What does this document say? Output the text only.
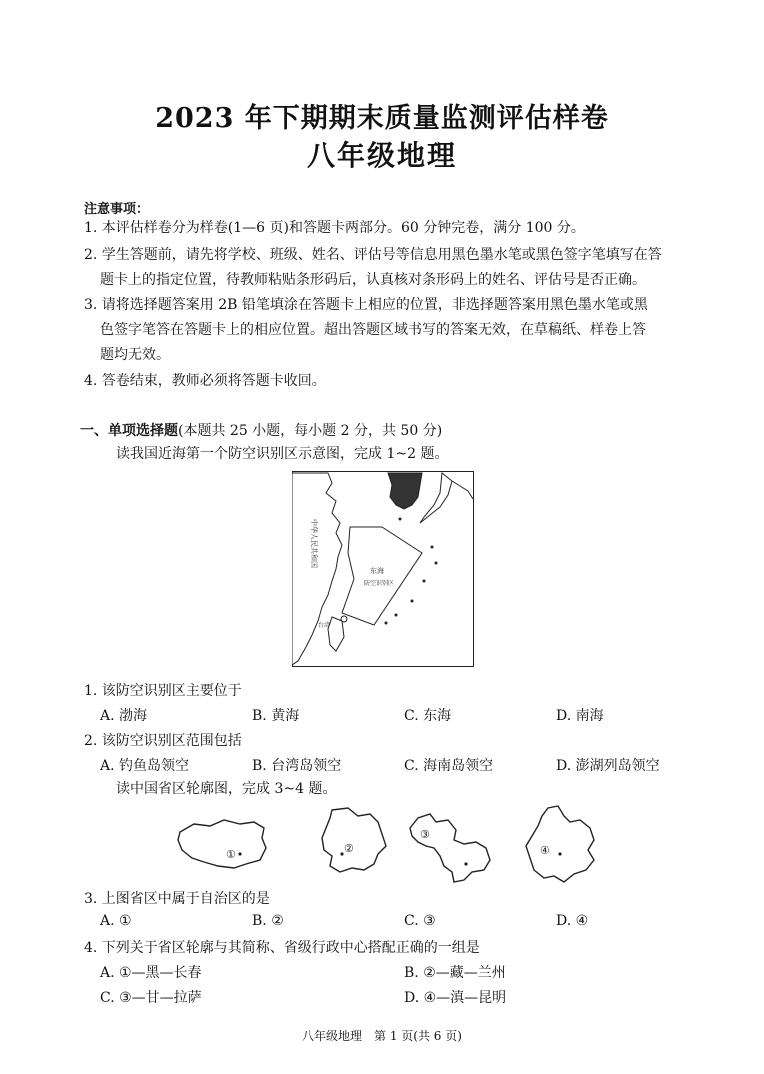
2023 年下期期末质量监测评估样卷
八年级地理
注意事项：
1. 本评估样卷分为样卷(1—6 页)和答题卡两部分。60 分钟完卷，满分 100 分。
2. 学生答题前，请先将学校、班级、姓名、评估号等信息用黑色墨水笔或黑色签字笔填写在答
题卡上的指定位置，待教师粘贴条形码后，认真核对条形码上的姓名、评估号是否正确。
3. 请将选择题答案用 2B 铅笔填涂在答题卡上相应的位置，非选择题答案用黑色墨水笔或黑
色签字笔答在答题卡上的相应位置。超出答题区域书写的答案无效，在草稿纸、样卷上答
题均无效。
4. 答卷结束，教师必须将答题卡收回。
一、单项选择题(本题共 25 小题，每小题 2 分，共 50 分)
读我国近海第一个防空识别区示意图，完成 1~2 题。
中华人民共和国
东海
防空识别区
台湾
1. 该防空识别区主要位于
A. 渤海	B. 黄海	C. 东海	D. 南海
2. 该防空识别区范围包括
A. 钓鱼岛领空	B. 台湾岛领空	C. 海南岛领空	D. 澎湖列岛领空
读中国省区轮廓图，完成 3~4 题。
①	②
③
④
3. 上图省区中属于自治区的是
A. ①	B. ②	C. ③	D. ④
4. 下列关于省区轮廓与其简称、省级行政中心搭配正确的一组是
A. ①—黑—长春	B. ②—藏—兰州
C. ③—甘—拉萨	D. ④—滇—昆明
八年级地理　第 1 页(共 6 页)
